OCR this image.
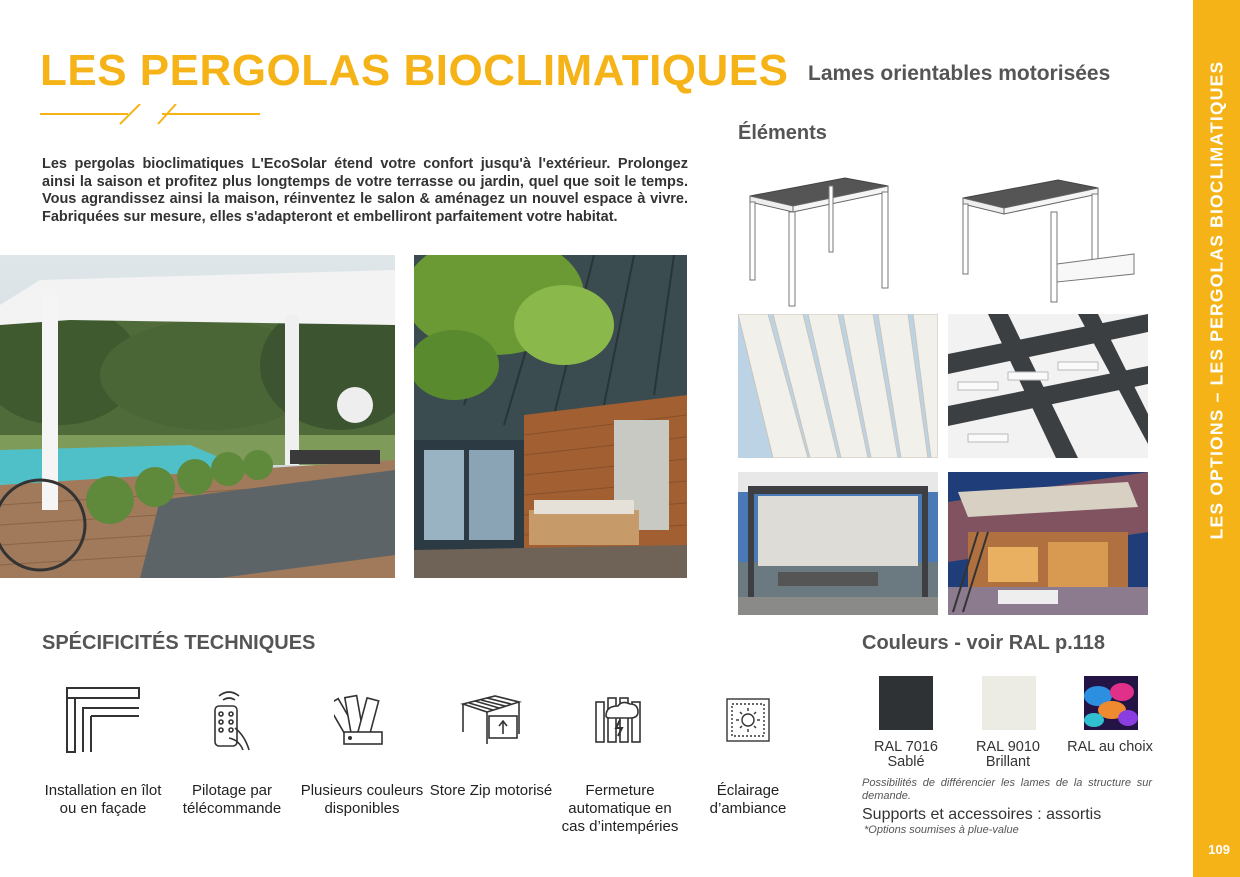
LES PERGOLAS BIOCLIMATIQUES Lames orientables motorisées

Les pergolas bioclimatiques L'EcoSolar étend votre confort jusqu'à l'extérieur. Prolongez ainsi la saison et profitez plus longtemps de votre terrasse ou jardin, quel que soit le temps. Vous agrandissez ainsi la maison, réinventez le salon & aménagez un nouvel espace à vivre. Fabriquées sur mesure, elles s'adapteront et embelliront parfaitement votre habitat.

Éléments
SPÉCIFICITÉS TECHNIQUES
Installation en îlot ou en façade
Pilotage par télécommande
Plusieurs couleurs disponibles
Store Zip motorisé	Fermeture automatique en cas d’intempéries
Éclairage d’ambiance
Couleurs - voir RAL p.118
RAL 7016 Sablé
RAL 9010 Brillant
RAL au choix

Possibilités de différencier les lames de la structure sur demande.

Supports et accessoires : assortis

*Options soumises à plue-value

LES OPTIONS – LES PERGOLAS BIOCLIMATIQUES
109
